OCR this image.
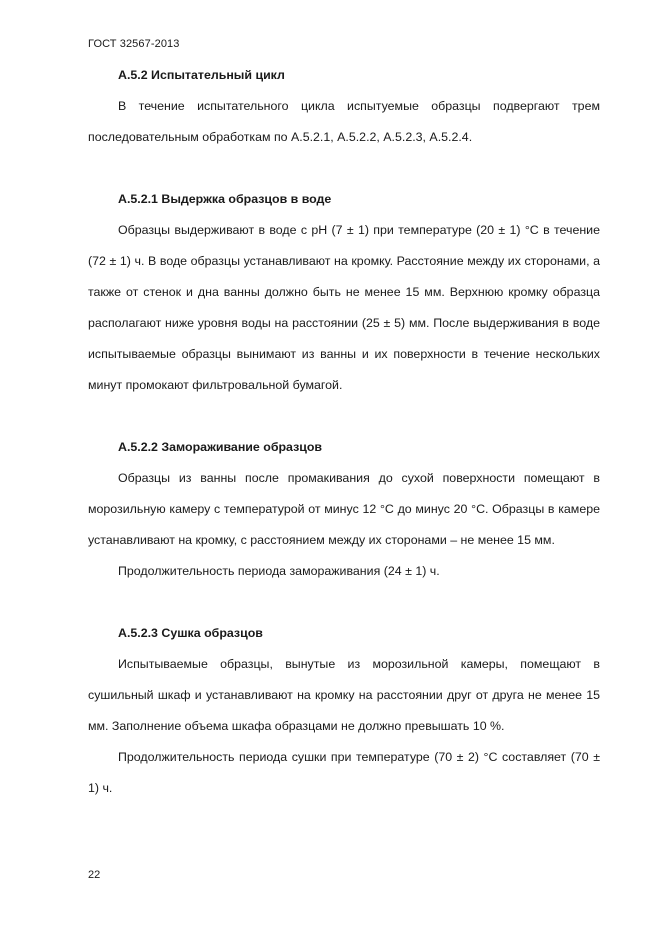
ГОСТ 32567-2013

А.5.2 Испытательный цикл

В течение испытательного цикла испытуемые образцы подвергают трем последовательным обработкам по А.5.2.1, А.5.2.2, А.5.2.3, А.5.2.4.

А.5.2.1 Выдержка образцов в воде

Образцы выдерживают в воде с pH (7 ± 1) при температуре (20 ± 1) °С в течение (72 ± 1) ч. В воде образцы устанавливают на кромку. Расстояние между их сторонами, а также от стенок и дна ванны должно быть не менее 15 мм. Верхнюю кромку образца располагают ниже уровня воды на расстоянии (25 ± 5) мм. После выдерживания в воде испытываемые образцы вынимают из ванны и их поверхности в течение нескольких минут промокают фильтровальной бумагой.

А.5.2.2 Замораживание образцов

Образцы из ванны после промакивания до сухой поверхности помещают в морозильную камеру с температурой от минус 12 °С до минус 20 °С. Образцы в камере устанавливают на кромку, с расстоянием между их сторонами – не менее 15 мм.

Продолжительность периода замораживания (24 ± 1) ч.

А.5.2.3 Сушка образцов

Испытываемые образцы, вынутые из морозильной камеры, помещают в сушильный шкаф и устанавливают на кромку на расстоянии друг от друга не менее 15 мм. Заполнение объема шкафа образцами не должно превышать 10 %.

Продолжительность периода сушки при температуре (70 ± 2) °С составляет (70 ± 1) ч.

22
